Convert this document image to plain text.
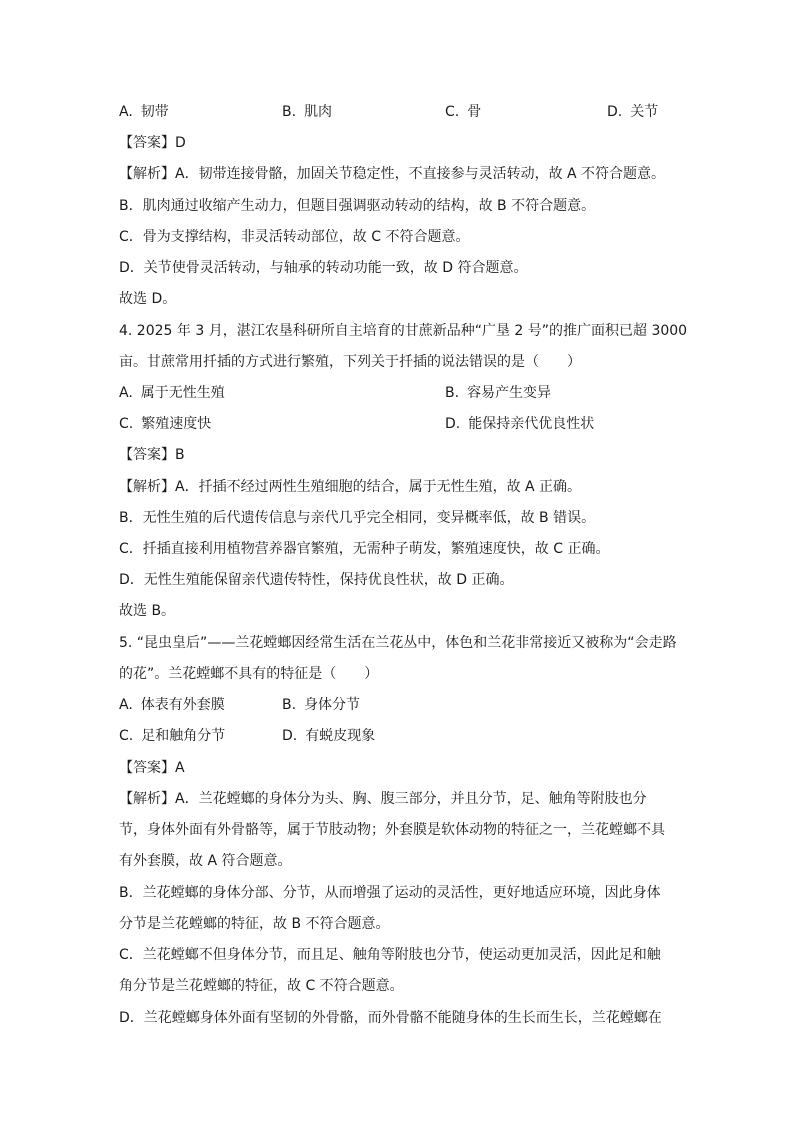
A. 韧带	B. 肌肉	C. 骨	D. 关节
【答案】D
【解析】A．韧带连接骨骼，加固关节稳定性，不直接参与灵活转动，故 A 不符合题意。
B．肌肉通过收缩产生动力，但题目强调驱动转动的结构，故 B 不符合题意。
C．骨为支撑结构，非灵活转动部位，故 C 不符合题意。
D．关节使骨灵活转动，与轴承的转动功能一致，故 D 符合题意。
故选 D。
4. 2025 年 3 月，湛江农垦科研所自主培育的甘蔗新品种“广垦 2 号”的推广面积已超 3000
亩。甘蔗常用扦插的方式进行繁殖，下列关于扦插的说法错误的是（　　）
A. 属于无性生殖	B. 容易产生变异
C. 繁殖速度快	D. 能保持亲代优良性状
【答案】B
【解析】A．扦插不经过两性生殖细胞的结合，属于无性生殖，故 A 正确。
B．无性生殖的后代遗传信息与亲代几乎完全相同，变异概率低，故 B 错误。
C．扦插直接利用植物营养器官繁殖，无需种子萌发，繁殖速度快，故 C 正确。
D．无性生殖能保留亲代遗传特性，保持优良性状，故 D 正确。
故选 B。
5. “昆虫皇后”——兰花螳螂因经常生活在兰花丛中，体色和兰花非常接近又被称为“会走路
的花”。兰花螳螂不具有的特征是（　　）
A. 体表有外套膜	B. 身体分节
C. 足和触角分节	D. 有蜕皮现象
【答案】A
【解析】A．兰花螳螂的身体分为头、胸、腹三部分，并且分节，足、触角等附肢也分
节，身体外面有外骨骼等，属于节肢动物；外套膜是软体动物的特征之一，兰花螳螂不具
有外套膜，故 A 符合题意。
B．兰花螳螂的身体分部、分节，从而增强了运动的灵活性，更好地适应环境，因此身体
分节是兰花螳螂的特征，故 B 不符合题意。
C．兰花螳螂不但身体分节，而且足、触角等附肢也分节，使运动更加灵活，因此足和触
角分节是兰花螳螂的特征，故 C 不符合题意。
D．兰花螳螂身体外面有坚韧的外骨骼，而外骨骼不能随身体的生长而生长，兰花螳螂在
